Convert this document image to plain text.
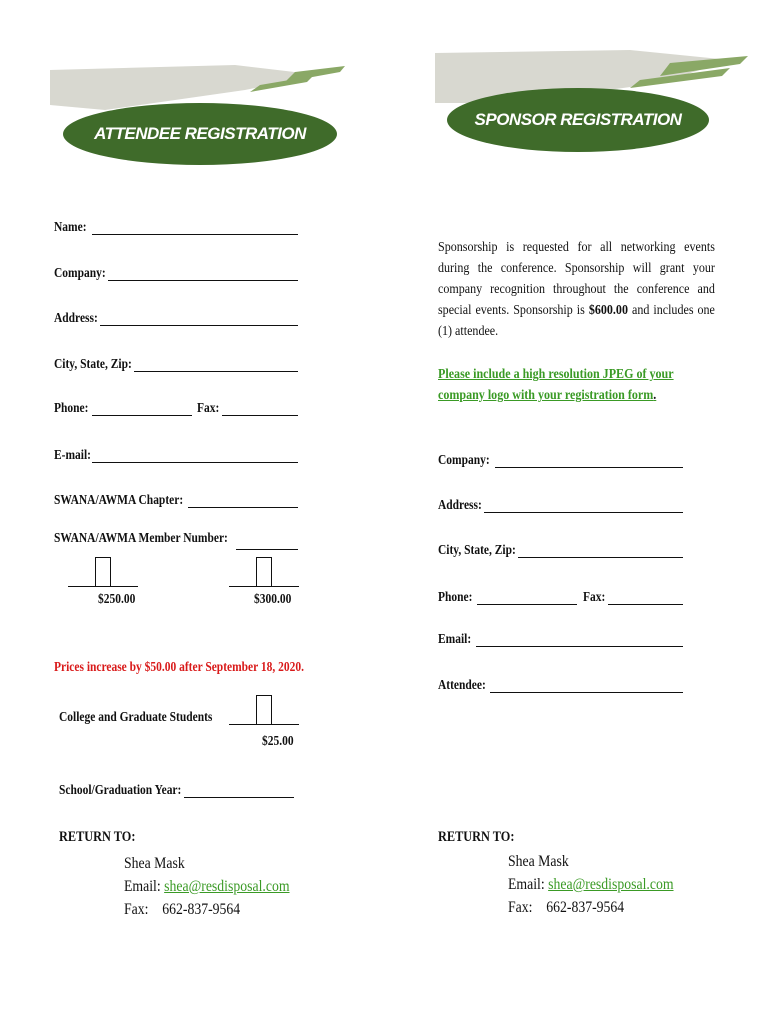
ATTENDEE REGISTRATION
SPONSOR REGISTRATION
Name:
Company:
Address:
City, State, Zip:
Phone:	Fax:
E-mail:
SWANA/AWMA Chapter:
SWANA/AWMA Member Number:
$250.00	$300.00
Prices increase by $50.00 after September 18, 2020.
College and Graduate Students
$25.00
School/Graduation Year:
RETURN TO:
Shea Mask
Email: shea@resdisposal.com
Fax:    662-837-9564
Sponsorship is requested for all networking events during the conference. Sponsorship will grant your company recognition throughout the conference and special events. Sponsorship is $600.00 and includes one (1) attendee.
Please include a high resolution JPEG of your company logo with your registration form.
Company:
Address:
City, State, Zip:
Phone:	Fax:
Email:
Attendee:
RETURN TO:
Shea Mask
Email: shea@resdisposal.com
Fax:    662-837-9564
